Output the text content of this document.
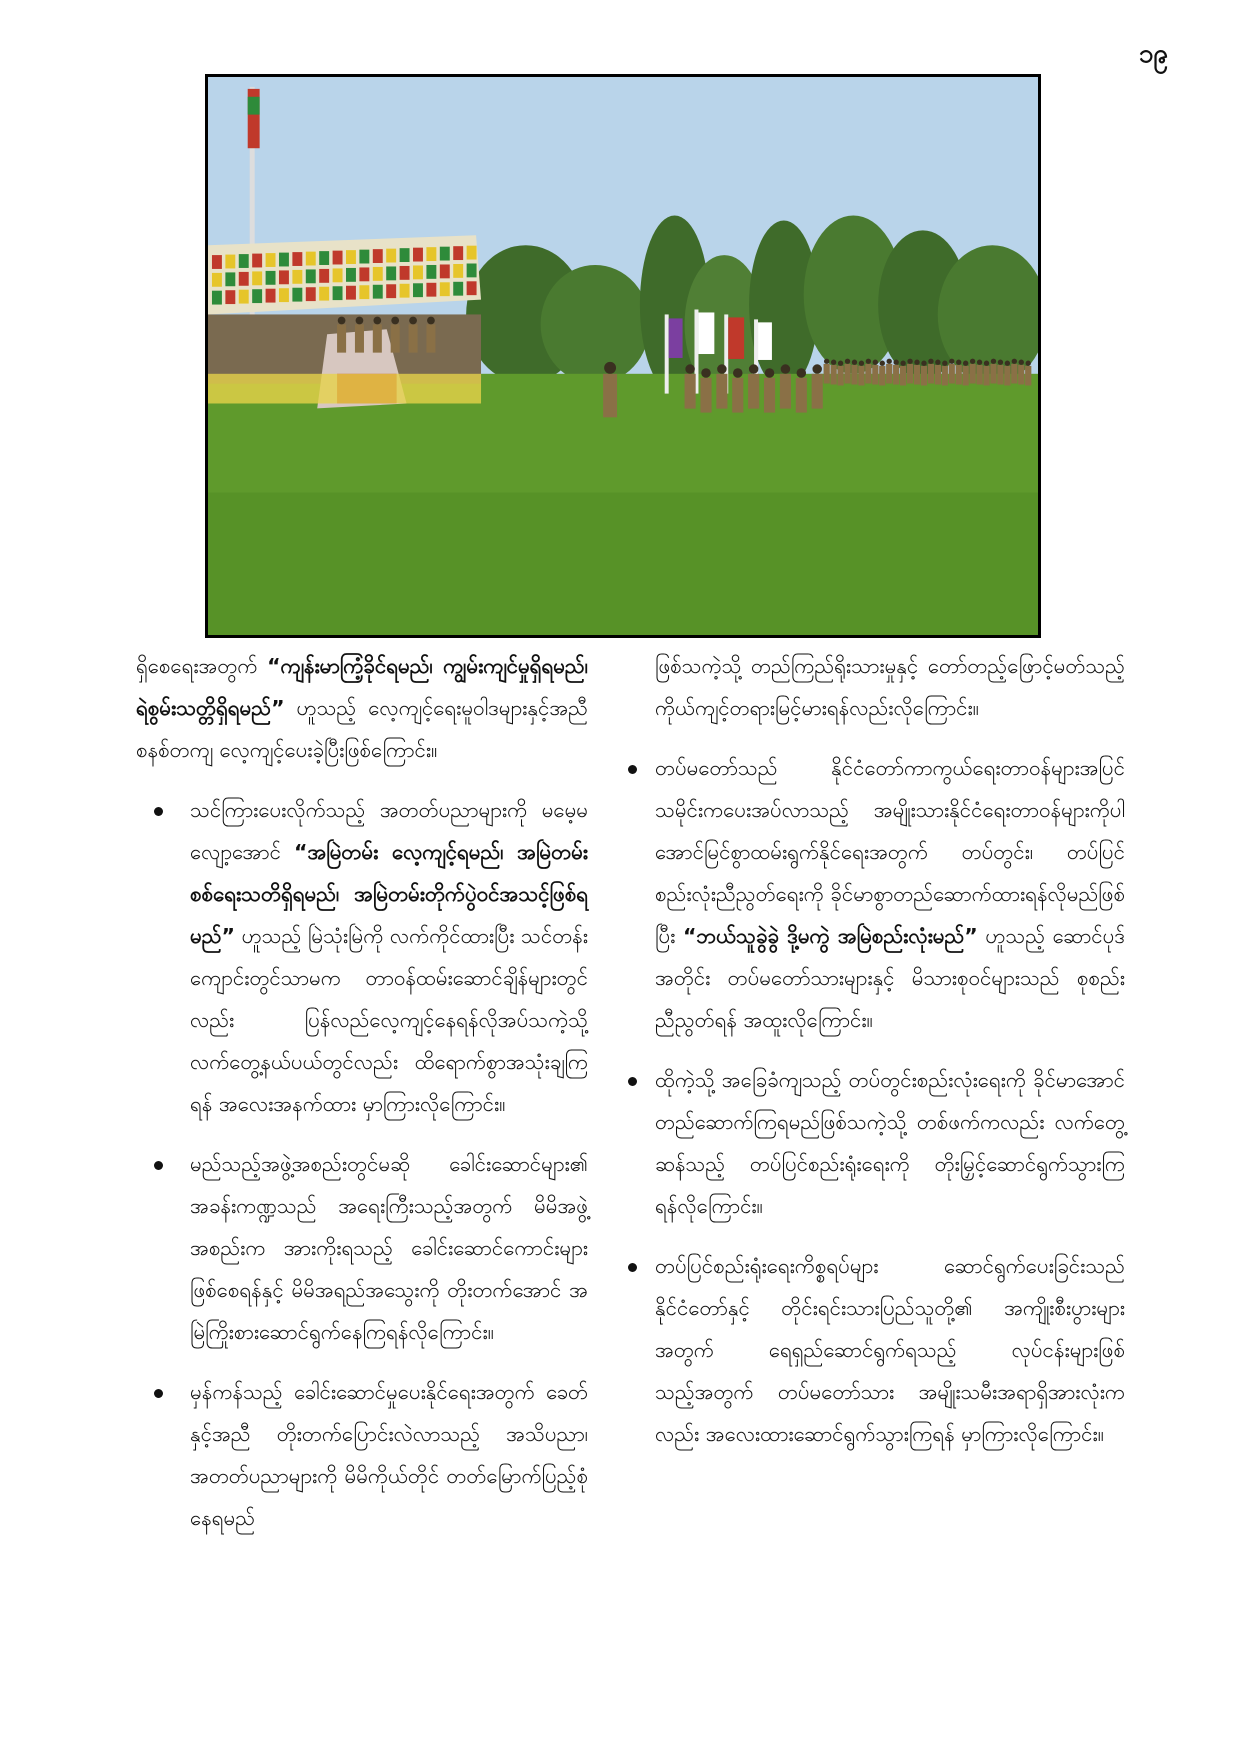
၁၉

ရှိစေရေးအတွက် “ကျန်းမာကြံ့ခိုင်ရမည်၊ ကျွမ်းကျင်မှုရှိရမည်၊ ရဲစွမ်းသတ္တိရှိရမည်” ဟူသည့် လေ့ကျင့်ရေးမူဝါဒများနှင့်အညီ စနစ်တကျ လေ့ကျင့်ပေးခဲ့ပြီးဖြစ်ကြောင်း။

သင်ကြားပေးလိုက်သည့် အတတ်ပညာများကို မမေ့မလျော့အောင် “အမြဲတမ်း လေ့ကျင့်ရမည်၊ အမြဲတမ်းစစ်ရေးသတိရှိရမည်၊ အမြဲတမ်းတိုက်ပွဲဝင်အသင့်ဖြစ်ရမည်” ဟူသည့် မြဲသုံးမြဲကို လက်ကိုင်ထားပြီး သင်တန်းကျောင်းတွင်သာမက တာဝန်ထမ်းဆောင်ချိန်များတွင်လည်း ပြန်လည်လေ့ကျင့်နေရန်လိုအပ်သကဲ့သို့ လက်တွေ့နယ်ပယ်တွင်လည်း ထိရောက်စွာအသုံးချကြရန် အလေးအနက်ထား မှာကြားလိုကြောင်း။
မည်သည့်အဖွဲ့အစည်းတွင်မဆို ခေါင်းဆောင်များ၏ အခန်းကဏ္ဍသည် အရေးကြီးသည့်အတွက် မိမိအဖွဲ့အစည်းက အားကိုးရသည့် ခေါင်းဆောင်ကောင်းများ ဖြစ်စေရန်နှင့် မိမိအရည်အသွေးကို တိုးတက်အောင် အမြဲကြိုးစားဆောင်ရွက်နေကြရန်လိုကြောင်း။
မှန်ကန်သည့် ခေါင်းဆောင်မှုပေးနိုင်ရေးအတွက် ခေတ်နှင့်အညီ တိုးတက်ပြောင်းလဲလာသည့် အသိပညာ၊ အတတ်ပညာများကို မိမိကိုယ်တိုင် တတ်မြောက်ပြည့်စုံနေရမည်

ဖြစ်သကဲ့သို့ တည်ကြည်ရိုးသားမှုနှင့် တော်တည့်ဖြောင့်မတ်သည့် ကိုယ်ကျင့်တရားမြင့်မားရန်လည်းလိုကြောင်း။

တပ်မတော်သည် နိုင်ငံတော်ကာကွယ်ရေးတာဝန်များအပြင် သမိုင်းကပေးအပ်လာသည့် အမျိုးသားနိုင်ငံရေးတာဝန်များကိုပါ အောင်မြင်စွာထမ်းရွက်နိုင်ရေးအတွက် တပ်တွင်း၊ တပ်ပြင်စည်းလုံးညီညွတ်ရေးကို ခိုင်မာစွာတည်ဆောက်ထားရန်လိုမည်ဖြစ်ပြီး “ဘယ်သူခွဲခွဲ ဒို့မကွဲ အမြဲစည်းလုံးမည်” ဟူသည့် ဆောင်ပုဒ်အတိုင်း တပ်မတော်သားများနှင့် မိသားစုဝင်များသည် စုစည်းညီညွတ်ရန် အထူးလိုကြောင်း။
ထိုကဲ့သို့ အခြေခံကျသည့် တပ်တွင်းစည်းလုံးရေးကို ခိုင်မာအောင် တည်ဆောက်ကြရမည်ဖြစ်သကဲ့သို့ တစ်ဖက်ကလည်း လက်တွေ့ဆန်သည့် တပ်ပြင်စည်းရုံးရေးကို တိုးမြှင့်ဆောင်ရွက်သွားကြရန်လိုကြောင်း။
တပ်ပြင်စည်းရုံးရေးကိစ္စရပ်များ ဆောင်ရွက်ပေးခြင်းသည် နိုင်ငံတော်နှင့် တိုင်းရင်းသားပြည်သူတို့၏ အကျိုးစီးပွားများအတွက် ရေရှည်ဆောင်ရွက်ရသည့် လုပ်ငန်းများဖြစ်သည့်အတွက် တပ်မတော်သား အမျိုးသမီးအရာရှိအားလုံးကလည်း အလေးထားဆောင်ရွက်သွားကြရန် မှာကြားလိုကြောင်း။
